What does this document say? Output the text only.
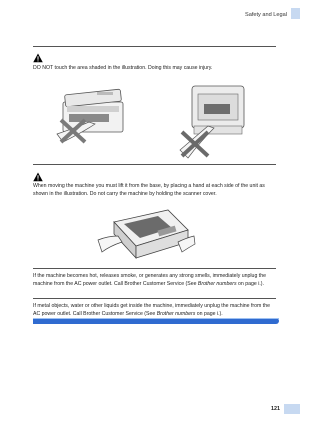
Safety and Legal
DO NOT touch the area shaded in the illustration. Doing this may cause injury.
When moving the machine you must lift it from the base, by placing a hand at each side of the unit as shown in the illustration. Do not carry the machine by holding the scanner cover.
If the machine becomes hot, releases smoke, or generates any strong smells, immediately unplug the machine from the AC power outlet. Call Brother Customer Service (See Brother numbers on page i.).
If metal objects, water or other liquids get inside the machine, immediately unplug the machine from the AC power outlet. Call Brother Customer Service (See Brother numbers on page i.).
121
